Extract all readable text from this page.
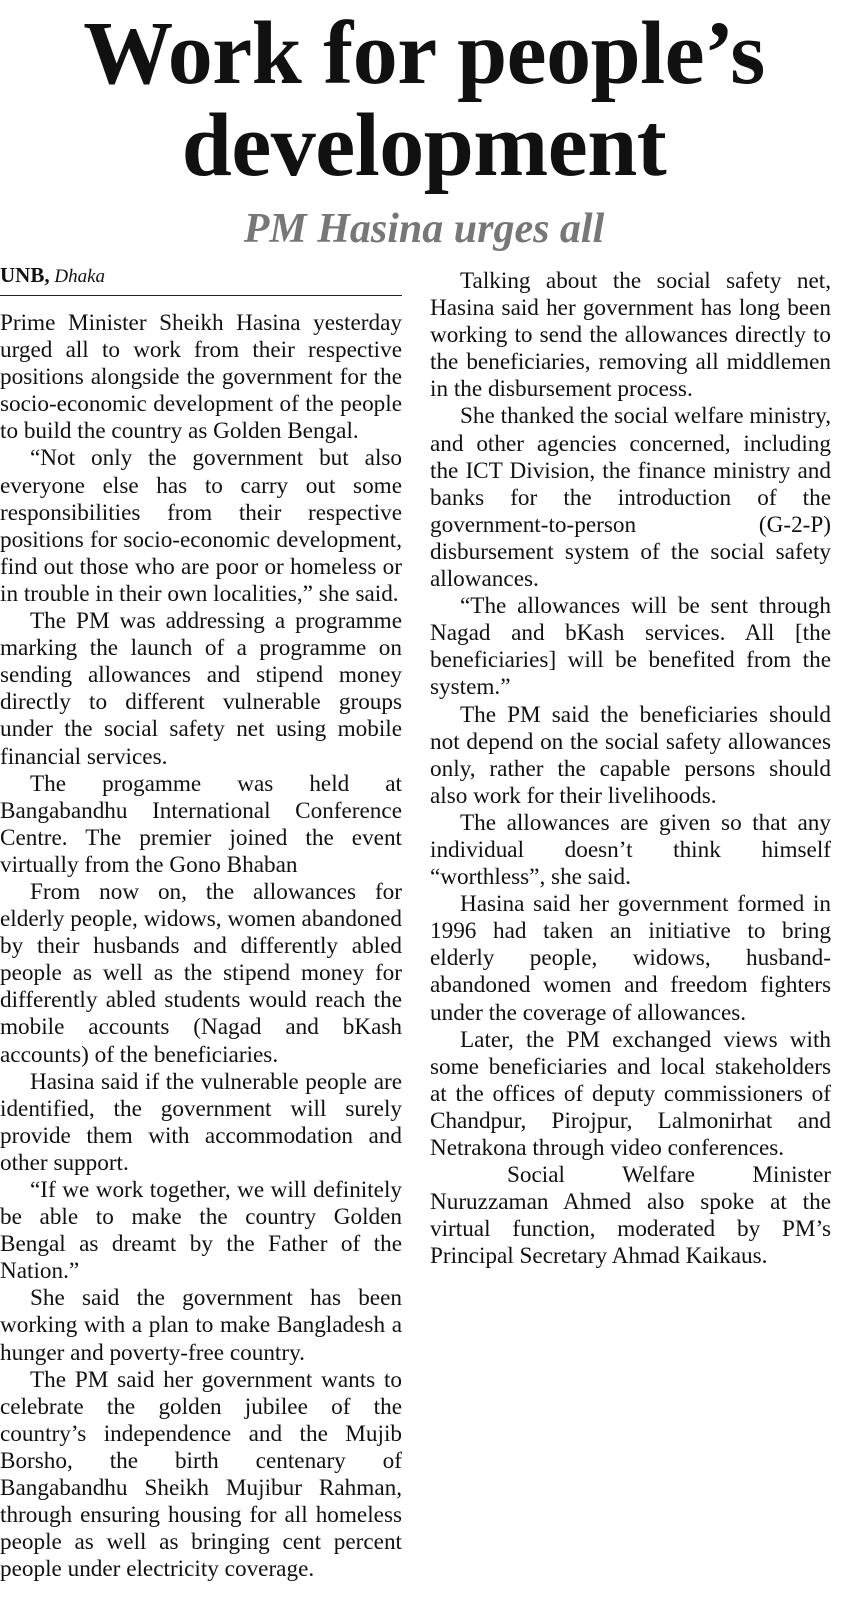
Work for people’s development
PM Hasina urges all
UNB, Dhaka

Prime Minister Sheikh Hasina yesterday urged all to work from their respective positions alongside the government for the socio-economic development of the people to build the country as Golden Bengal.

“Not only the government but also everyone else has to carry out some responsibilities from their respective positions for socio-economic development, find out those who are poor or homeless or in trouble in their own localities,” she said.

The PM was addressing a programme marking the launch of a programme on sending allowances and stipend money directly to different vulnerable groups under the social safety net using mobile financial services.

The progamme was held at Bangabandhu International Conference Centre. The premier joined the event virtually from the Gono Bhaban

From now on, the allowances for elderly people, widows, women abandoned by their husbands and differently abled people as well as the stipend money for differently abled students would reach the mobile accounts (Nagad and bKash accounts) of the beneficiaries.

Hasina said if the vulnerable people are identified, the government will surely provide them with accommodation and other support.

“If we work together, we will definitely be able to make the country Golden Bengal as dreamt by the Father of the Nation.”

She said the government has been working with a plan to make Bangladesh a hunger and poverty-free country.

The PM said her government wants to celebrate the golden jubilee of the country’s independence and the Mujib Borsho, the birth centenary of Bangabandhu Sheikh Mujibur Rahman, through ensuring housing for all homeless people as well as bringing cent percent people under electricity coverage.

Talking about the social safety net, Hasina said her government has long been working to send the allowances directly to the beneficiaries, removing all middlemen in the disbursement process.

She thanked the social welfare ministry, and other agencies concerned, including the ICT Division, the finance ministry and banks for the introduction of the government-to-person (G-2-P) disbursement system of the social safety allowances.

“The allowances will be sent through Nagad and bKash services. All [the beneficiaries] will be benefited from the system.”

The PM said the beneficiaries should not depend on the social safety allowances only, rather the capable persons should also work for their livelihoods.

The allowances are given so that any individual doesn’t think himself “worthless”, she said.

Hasina said her government formed in 1996 had taken an initiative to bring elderly people, widows, husband-abandoned women and freedom fighters under the coverage of allowances.

Later, the PM exchanged views with some beneficiaries and local stakeholders at the offices of deputy commissioners of Chandpur, Pirojpur, Lalmonirhat and Netrakona through video conferences.

Social Welfare Minister Nuruzzaman Ahmed also spoke at the virtual function, moderated by PM’s Principal Secretary Ahmad Kaikaus.
